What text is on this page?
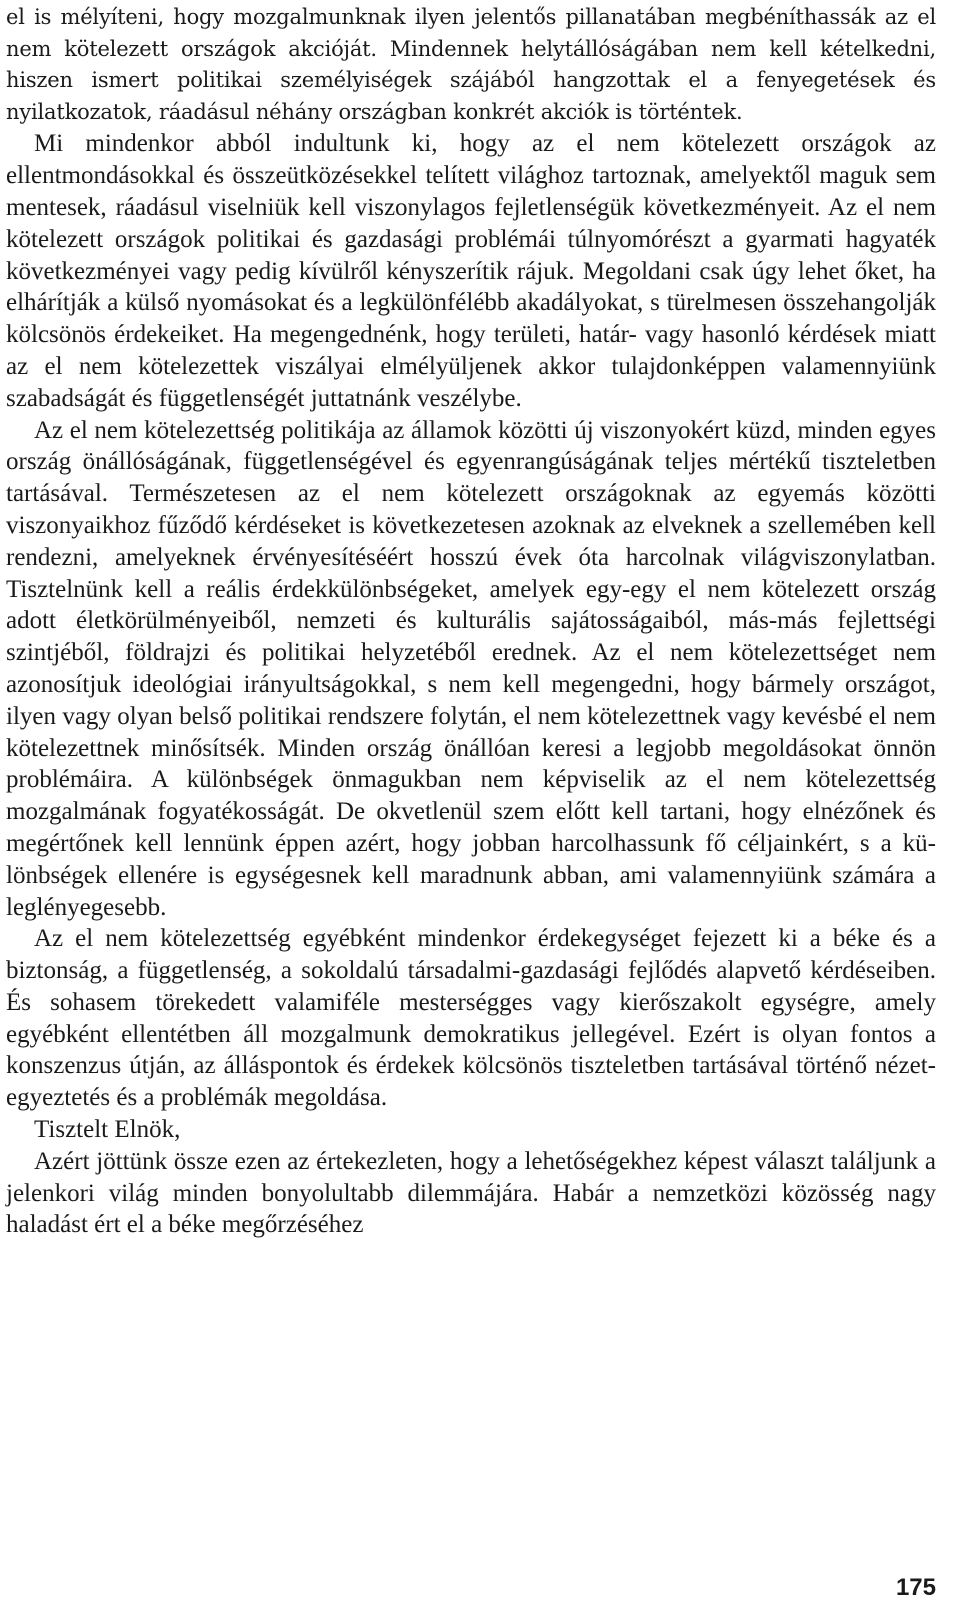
el is mélyíteni, hogy mozgalmunknak ilyen jelentős pillanatában megbéníthassák az el nem kötelezett országok akcióját. Mindennek helytállóságában nem kell kételkedni, hiszen ismert politikai személyiségek szájából hangzottak el a fenyegetések és nyilatkozatok, ráadásul néhány országban konkrét akciók is történtek.

Mi mindenkor abból indultunk ki, hogy az el nem kötelezett országok az ellentmondásokkal és összeütközésekkel telített világhoz tartoznak, amelyektől maguk sem mentesek, ráadásul viselniük kell viszonylagos fejletlenségük következményeit. Az el nem kötelezett országok politikai és gazdasági problémái túlnyomórészt a gyarmati hagyaték következményei vagy pedig kívülről kényszerítik rájuk. Megoldani csak úgy lehet őket, ha elhárítják a külső nyomásokat és a legkülönfélébb akadályokat, s türelmesen összehangolják kölcsönös érdekeiket. Ha megengednénk, hogy területi, határ- vagy hasonló kérdések miatt az el nem kötelezettek viszályai elmélyüljenek akkor tulajdonképpen valamennyiünk szabadságát és függetlenségét juttatnánk veszélybe.

Az el nem kötelezettség politikája az államok közötti új viszonyokért küzd, minden egyes ország önállóságának, függetlenségével és egyenrangúságának teljes mértékű tiszteletben tartásával. Természetesen az el nem kötelezett országoknak az egyemás közötti viszonyaikhoz fűződő kérdéseket is következetesen azoknak az elveknek a szellemében kell rendezni, amelyeknek érvényesítéséért hosszú évek óta harcolnak világviszonylatban. Tisztelnünk kell a reális érdekkülönbségeket, amelyek egy-egy el nem kötelezett ország adott életkörülményeiből, nemzeti és kulturális sajátosságaiból, más-más fejlettségi szintjéből, földrajzi és politikai helyzetéből erednek. Az el nem kötelezettséget nem azonosítjuk ideológiai irányultságokkal, s nem kell megengedni, hogy bármely országot, ilyen vagy olyan belső politikai rendszere folytán, el nem kötelezettnek vagy kevésbé el nem kötelezettnek minősítsék. Minden ország önállóan keresi a legjobb megoldásokat önnön problémáira. A különbségek önmagukban nem képviselik az el nem kötelezettség mozgalmának fogyatékosságát. De okvetlenül szem előtt kell tartani, hogy elnézőnek és megértőnek kell lennünk éppen azért, hogy jobban harcolhassunk fő céljainkért, s a különbségek ellenére is egységesnek kell maradnunk abban, ami valamennyiünk számára a leglényegesebb.

Az el nem kötelezettség egyébként mindenkor érdekegységet fejezett ki a béke és a biztonság, a függetlenség, a sokoldalú társadalmi-gazdasági fejlődés alapvető kérdéseiben. És sohasem törekedett valamiféle mesterségges vagy kierőszakolt egységre, amely egyébként ellentétben áll mozgalmunk demokratikus jellegével. Ezért is olyan fontos a konszenzus útján, az álláspontok és érdekek kölcsönös tiszteletben tartásával történő nézetegyeztetés és a problémák megoldása.

Tisztelt Elnök,

Azért jöttünk össze ezen az értekezleten, hogy a lehetőségekhez képest választ találjunk a jelenkori világ minden bonyolultabb dilemmájára. Habár a nemzetközi közösség nagy haladást ért el a béke megőrzéséhez

175
